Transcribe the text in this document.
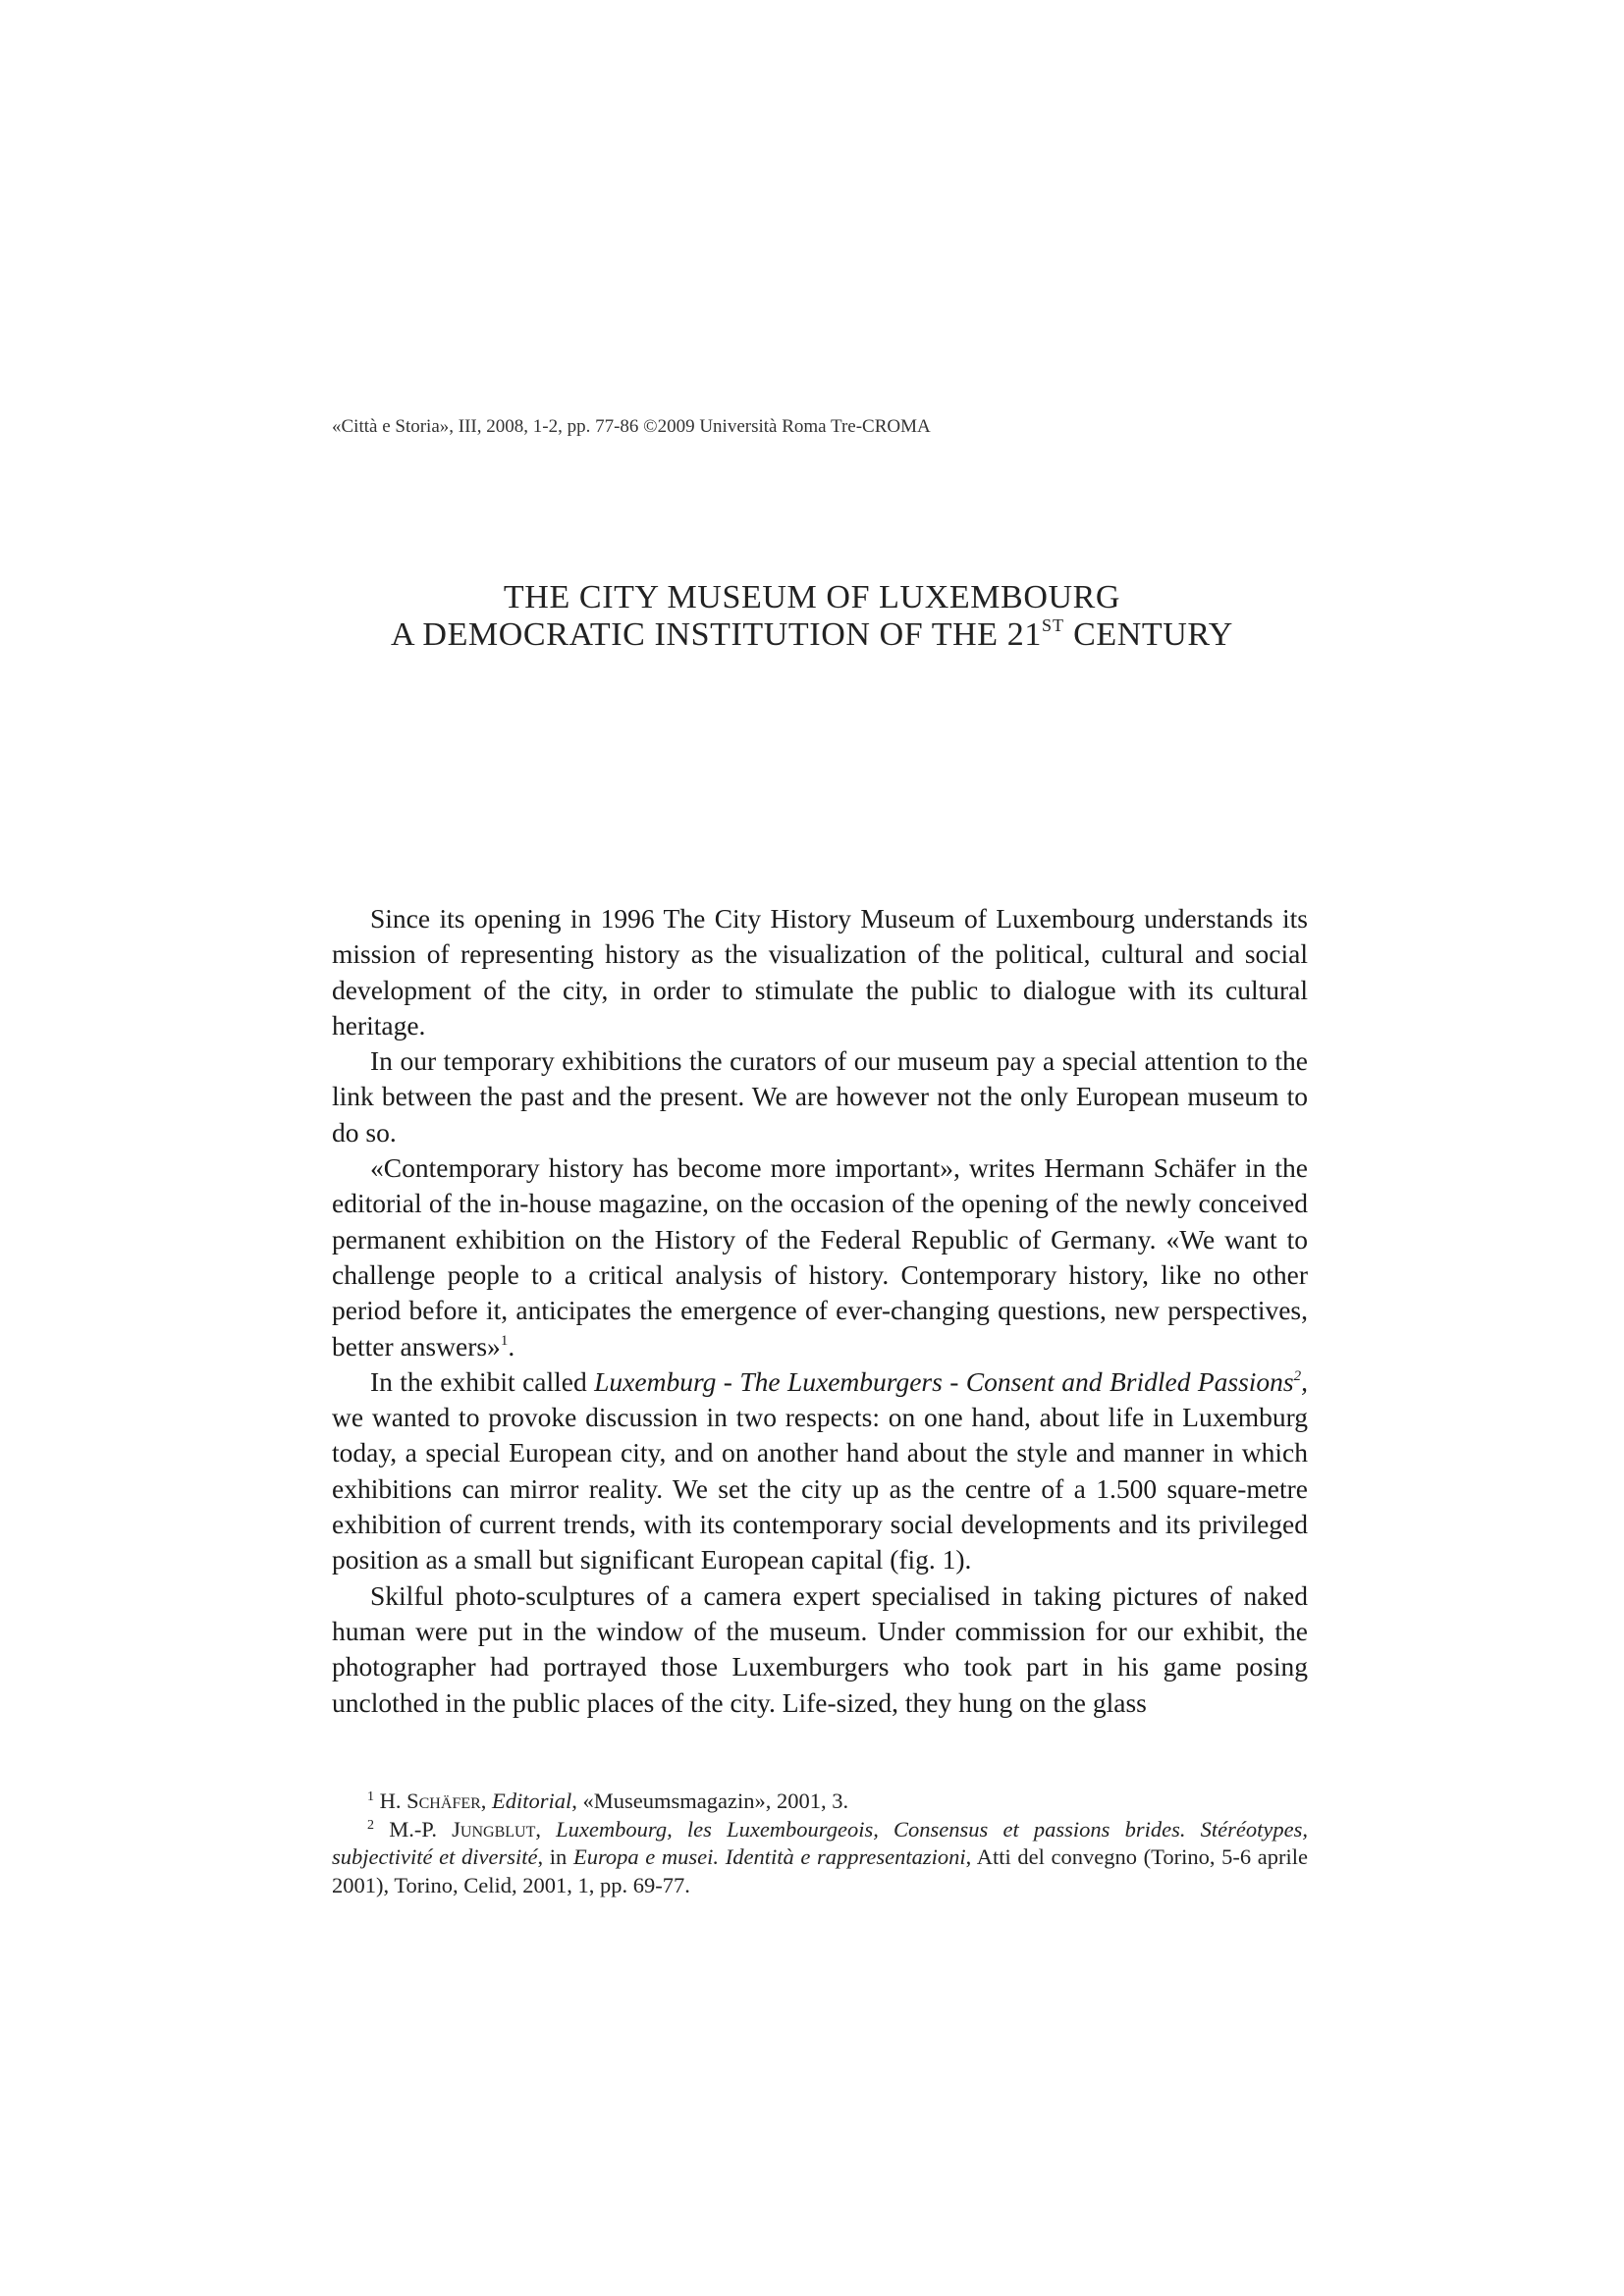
«Città e Storia», III, 2008, 1-2, pp. 77-86 ©2009 Università Roma Tre-CROMA
THE CITY MUSEUM OF LUXEMBOURG
A DEMOCRATIC INSTITUTION OF THE 21ST CENTURY

Since its opening in 1996 The City History Museum of Luxembourg understands its mission of representing history as the visualization of the political, cultural and social development of the city, in order to stimulate the public to dialogue with its cultural heritage.

In our temporary exhibitions the curators of our museum pay a special attention to the link between the past and the present. We are however not the only European museum to do so.

«Contemporary history has become more important», writes Hermann Schäfer in the editorial of the in-house magazine, on the occasion of the opening of the newly conceived permanent exhibition on the History of the Federal Republic of Germany. «We want to challenge people to a critical analysis of history. Contemporary history, like no other period before it, anticipates the emergence of ever-changing questions, new perspectives, better answers»$^1$.

In the exhibit called Luxemburg - The Luxemburgers - Consent and Bridled Passions$^2$, we wanted to provoke discussion in two respects: on one hand, about life in Luxemburg today, a special European city, and on another hand about the style and manner in which exhibitions can mirror reality. We set the city up as the centre of a 1.500 square-metre exhibition of current trends, with its contemporary social developments and its privileged position as a small but significant European capital (fig. 1).

Skilful photo-sculptures of a camera expert specialised in taking pictures of naked human were put in the window of the museum. Under commission for our exhibit, the photographer had portrayed those Luxemburgers who took part in his game posing unclothed in the public places of the city. Life-sized, they hung on the glass

$^1$ H. Schäfer, Editorial, «Museumsmagazin», 2001, 3.

$^2$ M.-P. Jungblut, Luxembourg, les Luxembourgeois, Consensus et passions brides. Stéréotypes, subjectivité et diversité, in Europa e musei. Identità e rappresentazioni, Atti del convegno (Torino, 5-6 aprile 2001), Torino, Celid, 2001, 1, pp. 69-77.
